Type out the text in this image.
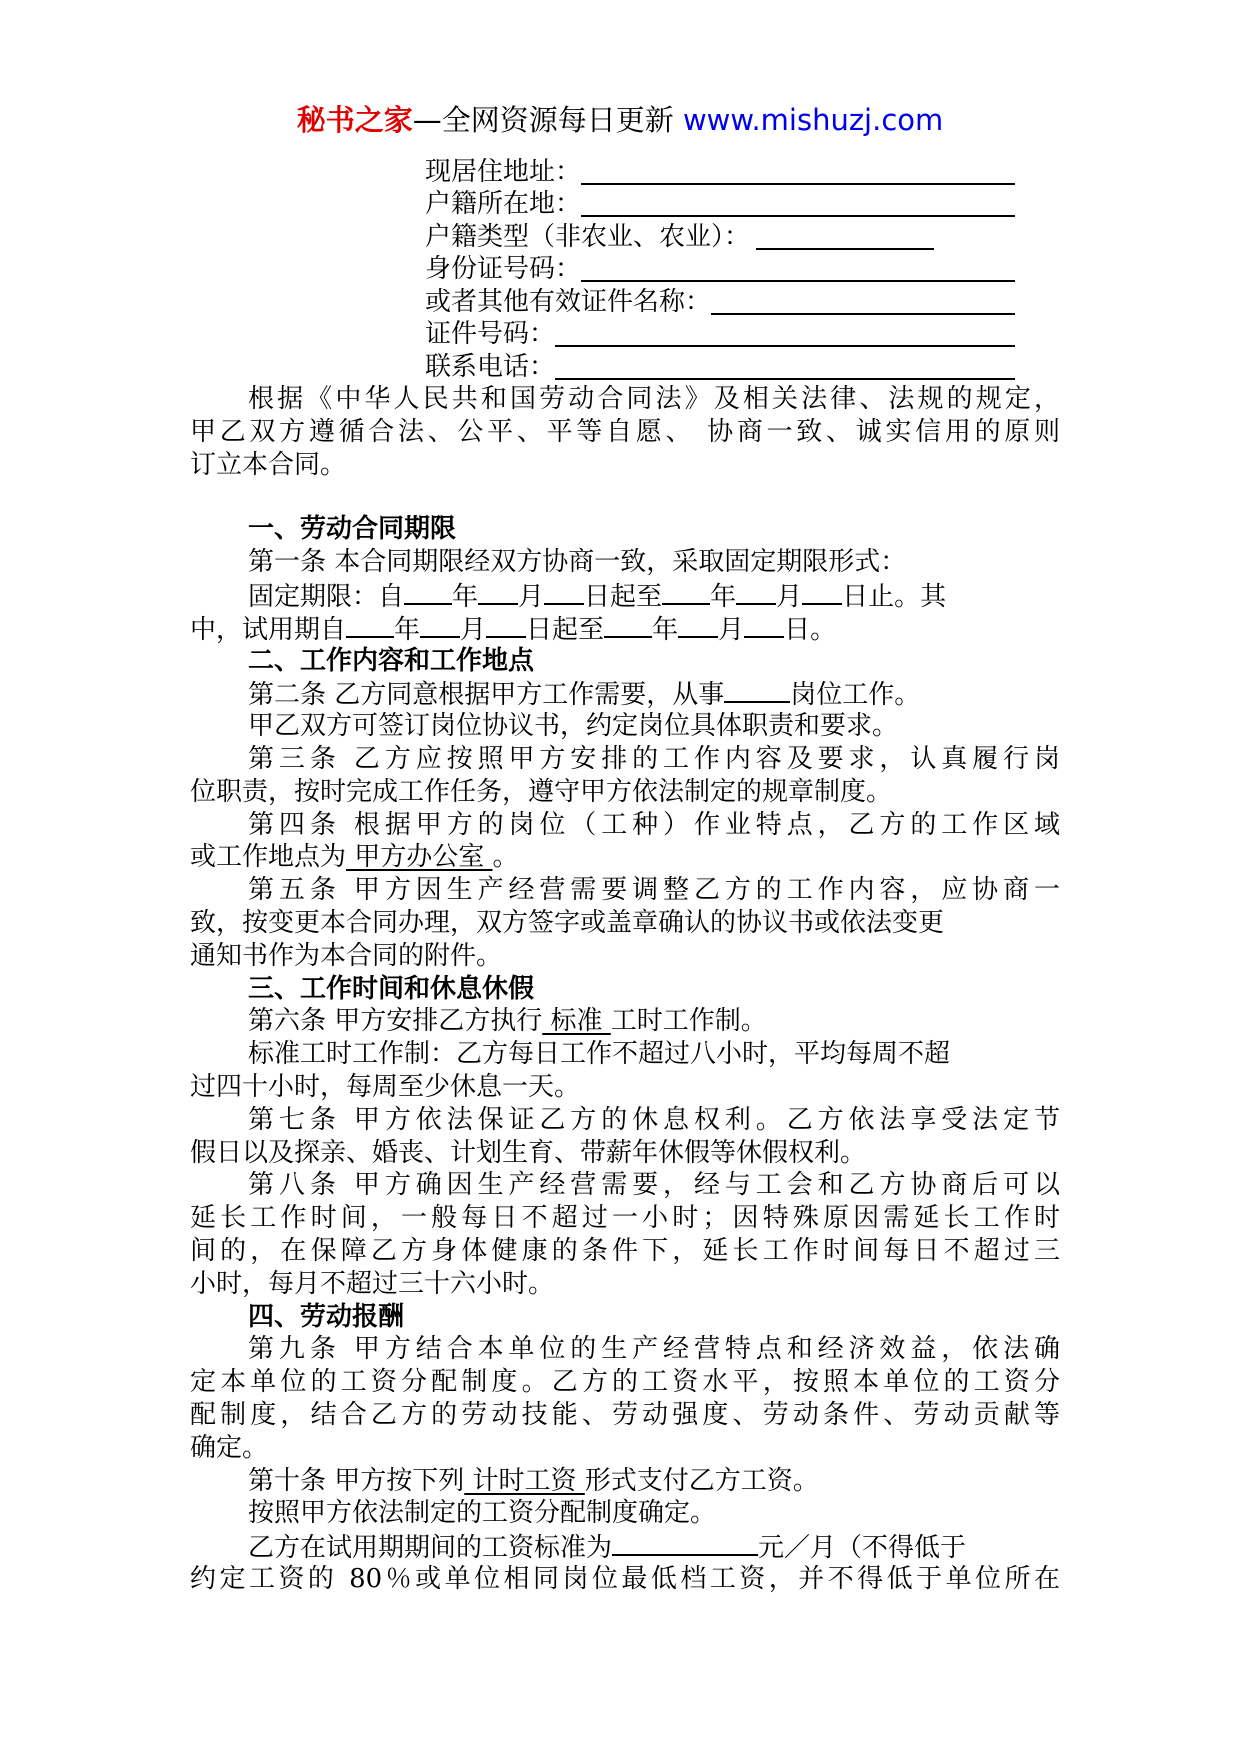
秘书之家—全网资源每日更新 www.mishuzj.com
现居住地址：
户籍所在地：
户籍类型（非农业、农业）：
身份证号码：
或者其他有效证件名称：
证件号码：
联系电话：
根据《中华人民共和国劳动合同法》及相关法律、法规的规定，
甲乙双方遵循合法、公平、平等自愿、 协商一致、诚实信用的原则
订立本合同。
一、劳动合同期限
第一条 本合同期限经双方协商一致，采取固定期限形式：
固定期限：自 年 月 日起至 年 月 日止。其
中，试用期自 年 月 日起至 年 月 日。
二、工作内容和工作地点
第二条 乙方同意根据甲方工作需要，从事	岗位工作。
甲乙双方可签订岗位协议书，约定岗位具体职责和要求。
第三条 乙方应按照甲方安排的工作内容及要求，认真履行岗
位职责，按时完成工作任务，遵守甲方依法制定的规章制度。
第四条 根据甲方的岗位（工种）作业特点，乙方的工作区域
或工作地点为 甲方办公室 。
第五条 甲方因生产经营需要调整乙方的工作内容，应协商一
致，按变更本合同办理，双方签字或盖章确认的协议书或依法变更
通知书作为本合同的附件。
三、工作时间和休息休假
第六条 甲方安排乙方执行 标准 工时工作制。
标准工时工作制：乙方每日工作不超过八小时，平均每周不超
过四十小时，每周至少休息一天。
第七条 甲方依法保证乙方的休息权利。乙方依法享受法定节
假日以及探亲、婚丧、计划生育、带薪年休假等休假权利。
第八条 甲方确因生产经营需要，经与工会和乙方协商后可以
延长工作时间，一般每日不超过一小时；因特殊原因需延长工作时
间的，在保障乙方身体健康的条件下，延长工作时间每日不超过三
小时，每月不超过三十六小时。
四、劳动报酬
第九条 甲方结合本单位的生产经营特点和经济效益，依法确
定本单位的工资分配制度。乙方的工资水平，按照本单位的工资分
配制度，结合乙方的劳动技能、劳动强度、劳动条件、劳动贡献等
确定。
第十条 甲方按下列 计时工资 形式支付乙方工资。
按照甲方依法制定的工资分配制度确定。
乙方在试用期期间的工资标准为	元／月（不得低于
约定工资的 80％或单位相同岗位最低档工资，并不得低于单位所在
